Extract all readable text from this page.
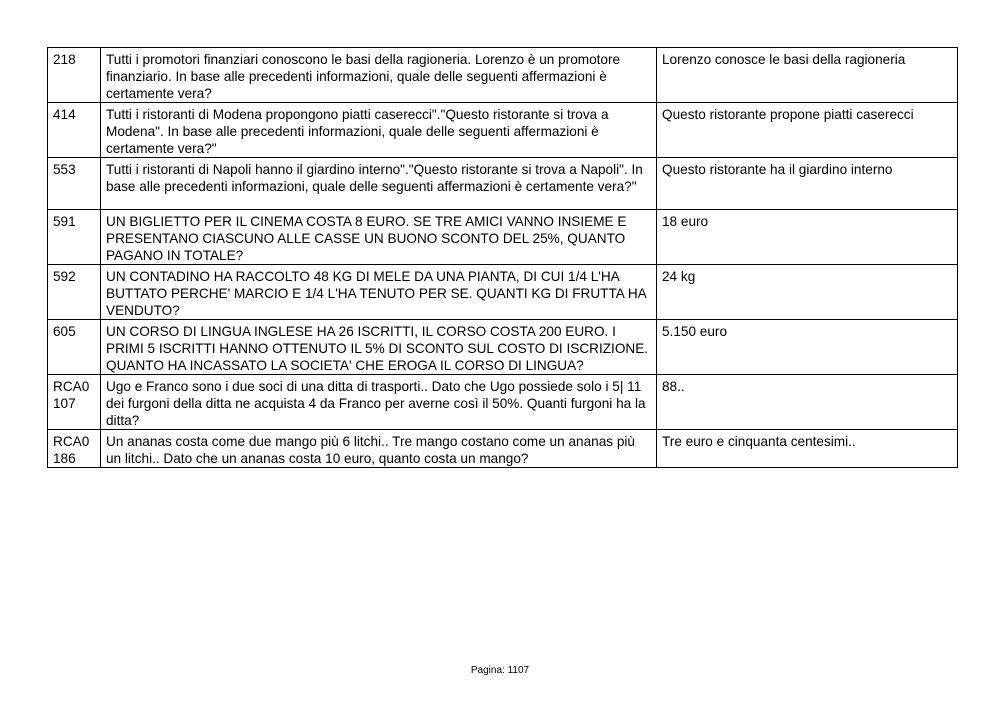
218	Tutti i promotori finanziari conoscono le basi della ragioneria. Lorenzo è un promotore finanziario. In base alle precedenti informazioni, quale delle seguenti affermazioni è certamente vera?	Lorenzo conosce le basi della ragioneria
414	Tutti i ristoranti di Modena propongono piatti caserecci"."Questo ristorante si trova a Modena". In base alle precedenti informazioni, quale delle seguenti affermazioni è certamente vera?"	Questo ristorante propone piatti caserecci
553	Tutti i ristoranti di Napoli hanno il giardino interno"."Questo ristorante si trova a Napoli". In base alle precedenti informazioni, quale delle seguenti affermazioni è certamente vera?"	Questo ristorante ha il giardino interno
591	UN BIGLIETTO PER IL CINEMA COSTA 8 EURO. SE TRE AMICI VANNO INSIEME E PRESENTANO CIASCUNO ALLE CASSE UN BUONO SCONTO DEL 25%, QUANTO PAGANO IN TOTALE?	18 euro
592	UN CONTADINO HA RACCOLTO 48 KG DI MELE DA UNA PIANTA, DI CUI 1/4 L'HA BUTTATO PERCHE' MARCIO E 1/4 L'HA TENUTO PER SE. QUANTI KG DI FRUTTA HA VENDUTO?	24 kg
605	UN CORSO DI LINGUA INGLESE HA 26 ISCRITTI, IL CORSO COSTA 200 EURO. I PRIMI 5 ISCRITTI HANNO OTTENUTO IL 5% DI SCONTO SUL COSTO DI ISCRIZIONE. QUANTO HA INCASSATO LA SOCIETA' CHE EROGA IL CORSO DI LINGUA?	5.150 euro
RCA0 107	Ugo e Franco sono i due soci di una ditta di trasporti.. Dato che Ugo possiede solo i 5| 11 dei furgoni della ditta ne acquista 4 da Franco per averne così il 50%. Quanti furgoni ha la ditta?	88..
RCA0 186	Un ananas costa come due mango più 6 litchi.. Tre mango costano come un ananas più un litchi.. Dato che un ananas costa 10 euro, quanto costa un mango?	Tre euro e cinquanta centesimi..
Pagina: 1107
